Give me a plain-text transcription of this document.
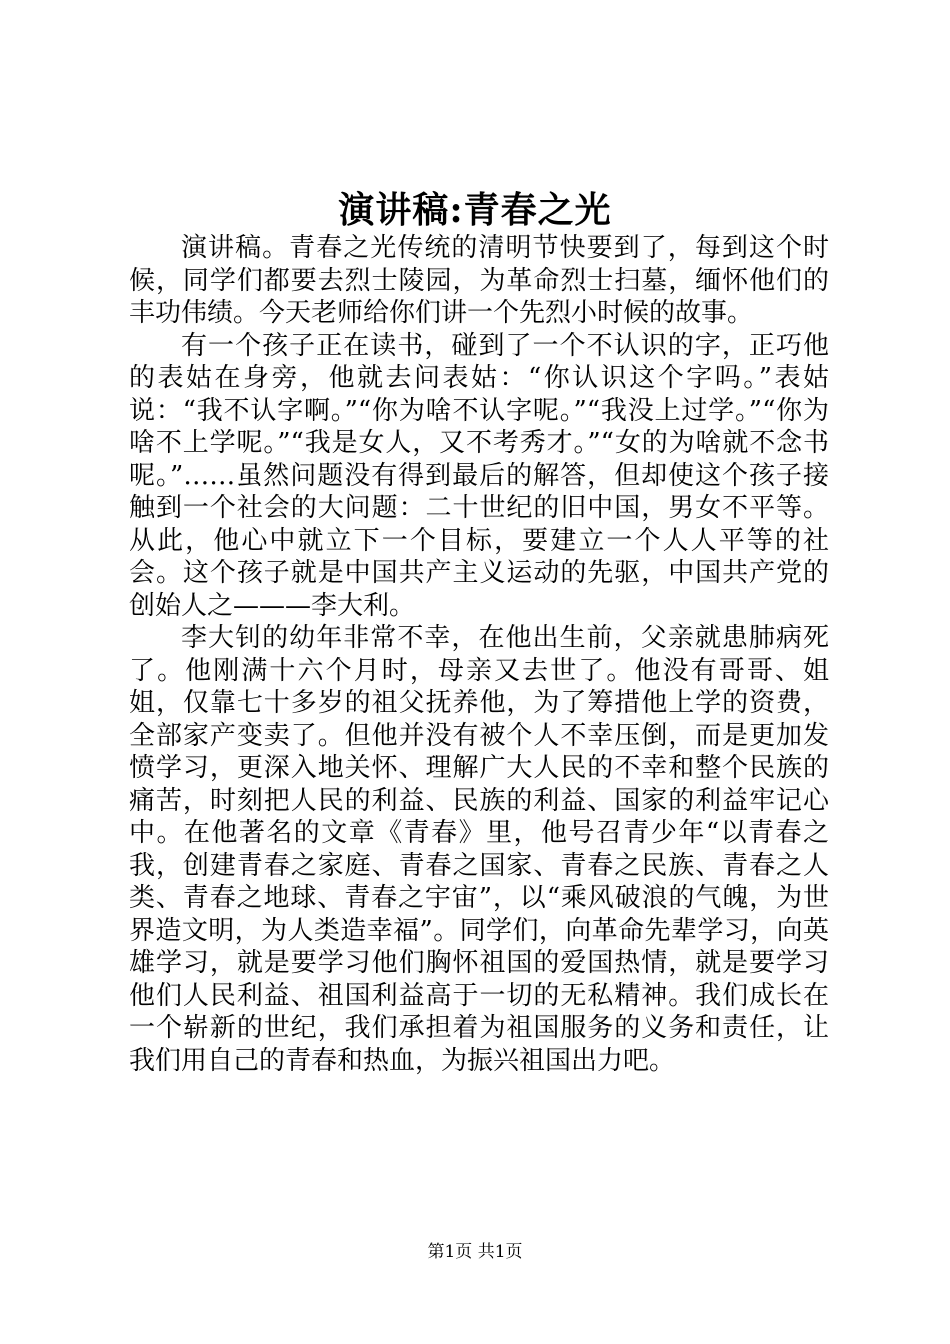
演讲稿:青春之光

演讲稿。青春之光传统的清明节快要到了，每到这个时候，同学们都要去烈士陵园，为革命烈士扫墓，缅怀他们的丰功伟绩。今天老师给你们讲一个先烈小时候的故事。

有一个孩子正在读书，碰到了一个不认识的字，正巧他的表姑在身旁，他就去问表姑：“你认识这个字吗。”表姑说：“我不认字啊。”“你为啥不认字呢。”“我没上过学。”“你为啥不上学呢。”“我是女人，又不考秀才。”“女的为啥就不念书呢。”……虽然问题没有得到最后的解答，但却使这个孩子接触到一个社会的大问题：二十世纪的旧中国，男女不平等。从此，他心中就立下一个目标，要建立一个人人平等的社会。这个孩子就是中国共产主义运动的先驱，中国共产党的创始人之———李大利。

李大钊的幼年非常不幸，在他出生前，父亲就患肺病死了。他刚满十六个月时，母亲又去世了。他没有哥哥、姐姐，仅靠七十多岁的祖父抚养他，为了筹措他上学的资费，全部家产变卖了。但他并没有被个人不幸压倒，而是更加发愤学习，更深入地关怀、理解广大人民的不幸和整个民族的痛苦，时刻把人民的利益、民族的利益、国家的利益牢记心中。在他著名的文章《青春》里，他号召青少年“以青春之我，创建青春之家庭、青春之国家、青春之民族、青春之人类、青春之地球、青春之宇宙”，以“乘风破浪的气魄，为世界造文明，为人类造幸福”。同学们，向革命先辈学习，向英雄学习，就是要学习他们胸怀祖国的爱国热情，就是要学习他们人民利益、祖国利益高于一切的无私精神。我们成长在一个崭新的世纪，我们承担着为祖国服务的义务和责任，让我们用自己的青春和热血，为振兴祖国出力吧。

第1页 共1页
